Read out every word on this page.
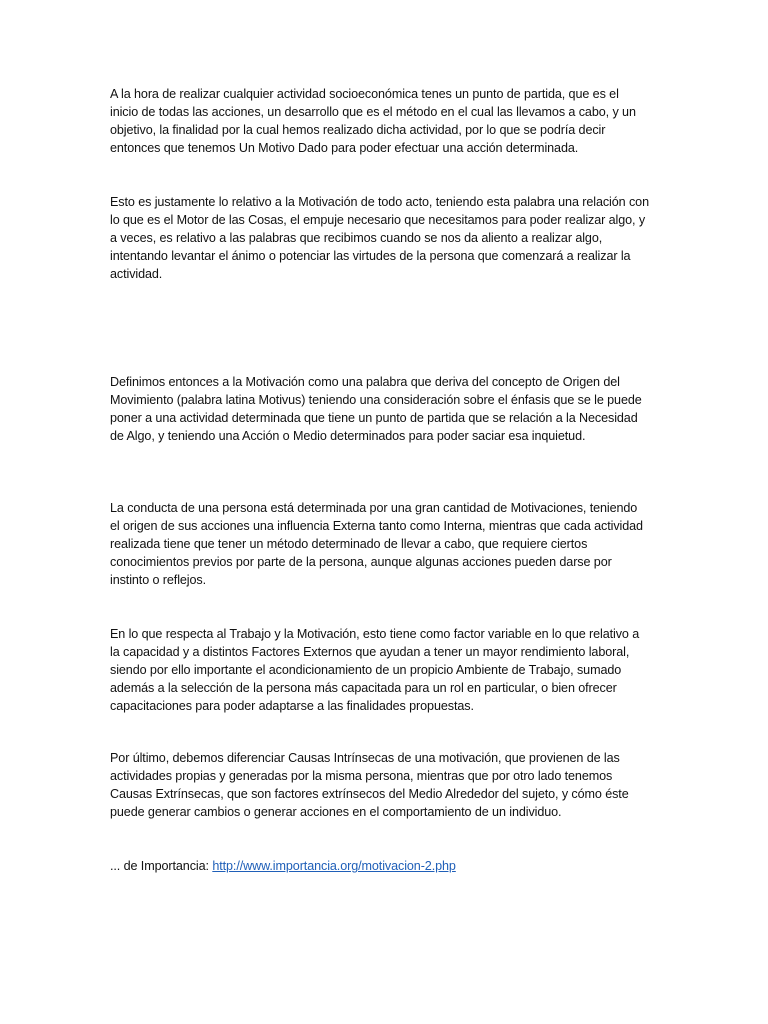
A la hora de realizar cualquier actividad socioeconómica tenes un punto de partida, que es el inicio de todas las acciones, un desarrollo que es el método en el cual las llevamos a cabo, y un objetivo, la finalidad por la cual hemos realizado dicha actividad, por lo que se podría decir entonces que tenemos Un Motivo Dado para poder efectuar una acción determinada.

Esto es justamente lo relativo a la Motivación de todo acto, teniendo esta palabra una relación con lo que es el Motor de las Cosas, el empuje necesario que necesitamos para poder realizar algo, y a veces, es relativo a las palabras que recibimos cuando se nos da aliento a realizar algo, intentando levantar el ánimo o potenciar las virtudes de la persona que comenzará a realizar la actividad.

Definimos entonces a la Motivación como una palabra que deriva del concepto de Origen del Movimiento (palabra latina Motivus) teniendo una consideración sobre el énfasis que se le puede poner a una actividad determinada que tiene un punto de partida que se relación a la Necesidad de Algo, y teniendo una Acción o Medio determinados para poder saciar esa inquietud.

La conducta de una persona está determinada por una gran cantidad de Motivaciones, teniendo el origen de sus acciones una influencia Externa tanto como Interna, mientras que cada actividad realizada tiene que tener un método determinado de llevar a cabo, que requiere ciertos conocimientos previos por parte de la persona, aunque algunas acciones pueden darse por instinto o reflejos.

En lo que respecta al Trabajo y la Motivación, esto tiene como factor variable en lo que relativo a la capacidad y a distintos Factores Externos que ayudan a tener un mayor rendimiento laboral, siendo por ello importante el acondicionamiento de un propicio Ambiente de Trabajo, sumado además a la selección de la persona más capacitada para un rol en particular, o bien ofrecer capacitaciones para poder adaptarse a las finalidades propuestas.

Por último, debemos diferenciar Causas Intrínsecas de una motivación, que provienen de las actividades propias y generadas por la misma persona, mientras que por otro lado tenemos Causas Extrínsecas, que son factores extrínsecos del Medio Alrededor del sujeto, y cómo éste puede generar cambios o generar acciones en el comportamiento de un individuo.

... de Importancia: http://www.importancia.org/motivacion-2.php
